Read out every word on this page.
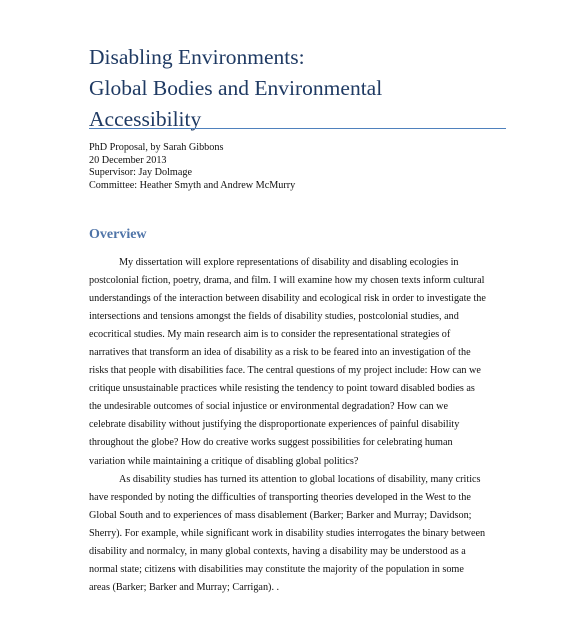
Disabling Environments:
Global Bodies and Environmental
Accessibility
PhD Proposal, by Sarah Gibbons
20 December 2013
Supervisor: Jay Dolmage
Committee: Heather Smyth and Andrew McMurry
Overview
My dissertation will explore representations of disability and disabling ecologies in
postcolonial fiction, poetry, drama, and film. I will examine how my chosen texts inform cultural
understandings of the interaction between disability and ecological risk in order to investigate the
intersections and tensions amongst the fields of disability studies, postcolonial studies, and
ecocritical studies. My main research aim is to consider the representational strategies of
narratives that transform an idea of disability as a risk to be feared into an investigation of the
risks that people with disabilities face. The central questions of my project include: How can we
critique unsustainable practices while resisting the tendency to point toward disabled bodies as
the undesirable outcomes of social injustice or environmental degradation? How can we
celebrate disability without justifying the disproportionate experiences of painful disability
throughout the globe? How do creative works suggest possibilities for celebrating human
variation while maintaining a critique of disabling global politics?
As disability studies has turned its attention to global locations of disability, many critics
have responded by noting the difficulties of transporting theories developed in the West to the
Global South and to experiences of mass disablement (Barker; Barker and Murray; Davidson;
Sherry). For example, while significant work in disability studies interrogates the binary between
disability and normalcy, in many global contexts, having a disability may be understood as a
normal state; citizens with disabilities may constitute the majority of the population in some
areas (Barker; Barker and Murray; Carrigan). .
